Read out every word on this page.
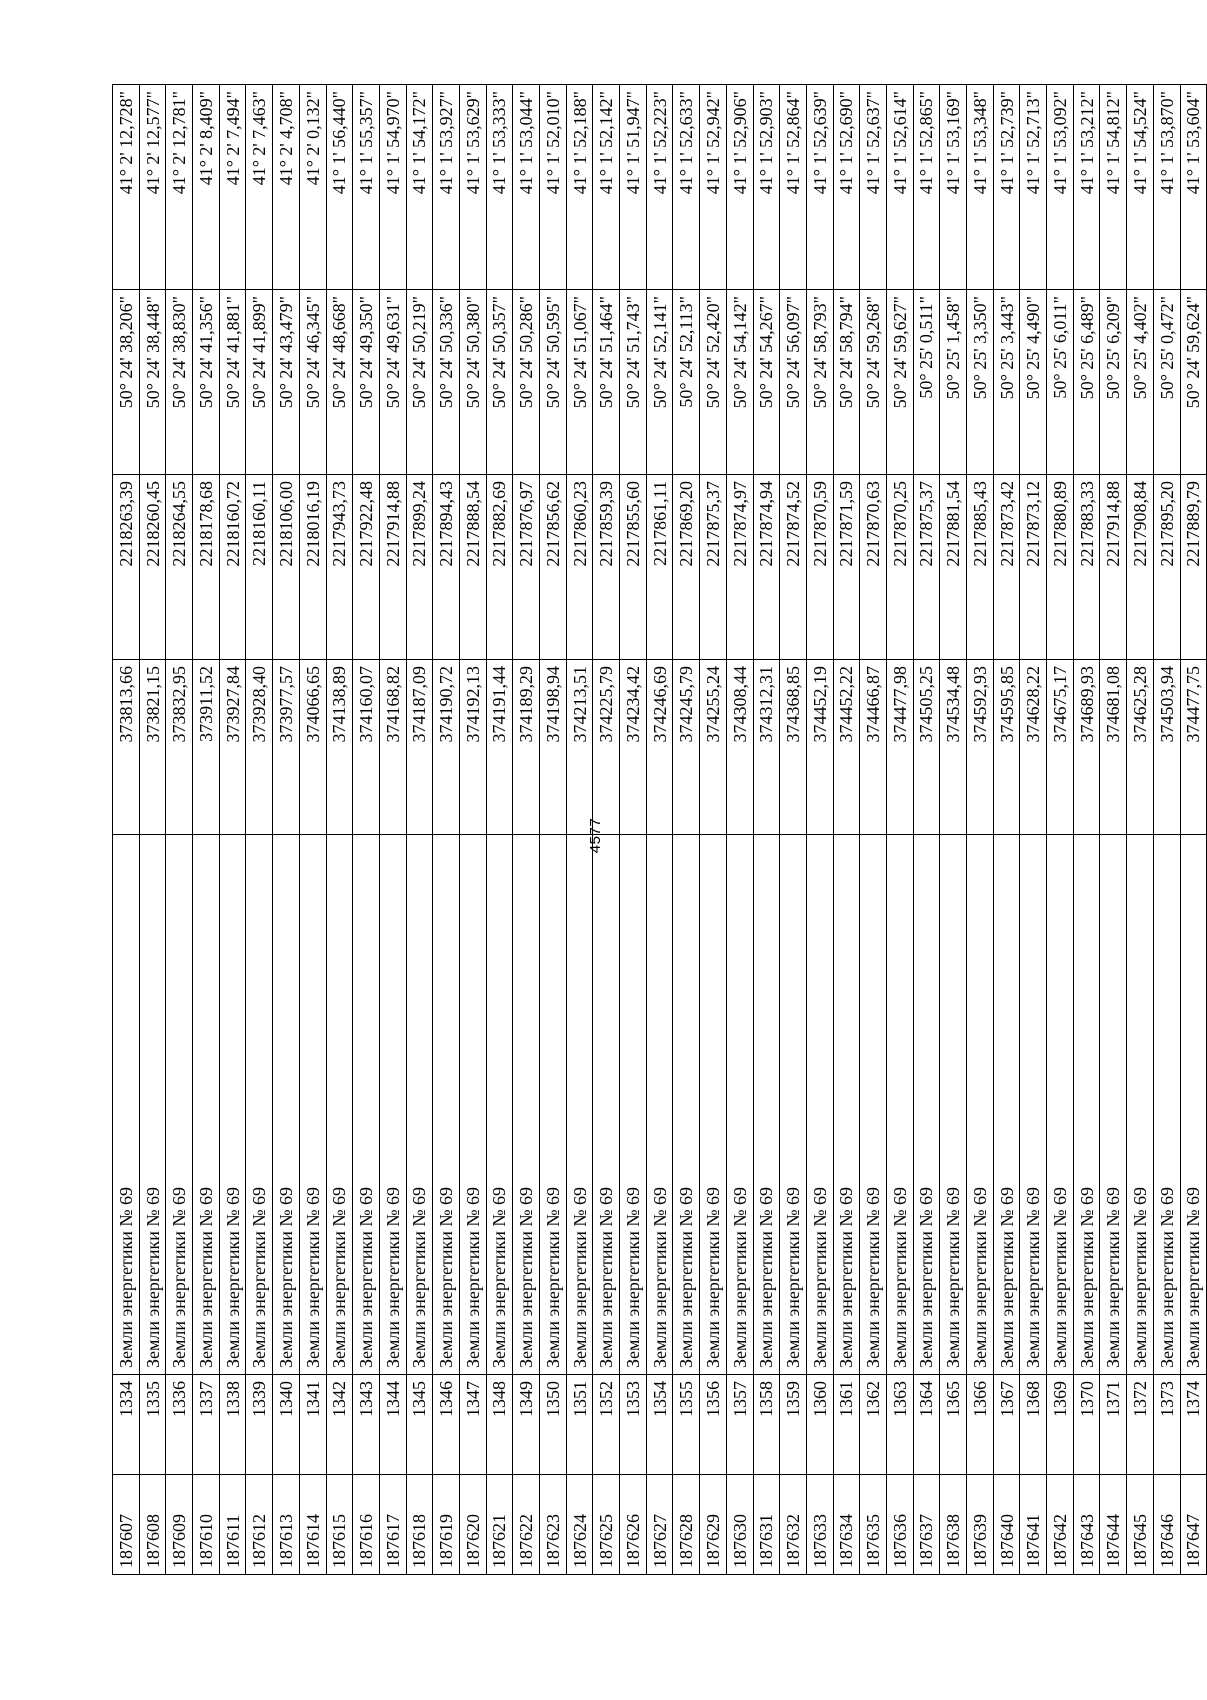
4577
187607	1334	Земли энергетики № 69	373813,66	2218263,39	50° 24' 38,206"	41° 2' 12,728"
187608	1335	Земли энергетики № 69	373821,15	2218260,45	50° 24' 38,448"	41° 2' 12,577"
187609	1336	Земли энергетики № 69	373832,95	2218264,55	50° 24' 38,830"	41° 2' 12,781"
187610	1337	Земли энергетики № 69	373911,52	2218178,68	50° 24' 41,356"	41° 2' 8,409"
187611	1338	Земли энергетики № 69	373927,84	2218160,72	50° 24' 41,881"	41° 2' 7,494"
187612	1339	Земли энергетики № 69	373928,40	2218160,11	50° 24' 41,899"	41° 2' 7,463"
187613	1340	Земли энергетики № 69	373977,57	2218106,00	50° 24' 43,479"	41° 2' 4,708"
187614	1341	Земли энергетики № 69	374066,65	2218016,19	50° 24' 46,345"	41° 2' 0,132"
187615	1342	Земли энергетики № 69	374138,89	2217943,73	50° 24' 48,668"	41° 1' 56,440"
187616	1343	Земли энергетики № 69	374160,07	2217922,48	50° 24' 49,350"	41° 1' 55,357"
187617	1344	Земли энергетики № 69	374168,82	2217914,88	50° 24' 49,631"	41° 1' 54,970"
187618	1345	Земли энергетики № 69	374187,09	2217899,24	50° 24' 50,219"	41° 1' 54,172"
187619	1346	Земли энергетики № 69	374190,72	2217894,43	50° 24' 50,336"	41° 1' 53,927"
187620	1347	Земли энергетики № 69	374192,13	2217888,54	50° 24' 50,380"	41° 1' 53,629"
187621	1348	Земли энергетики № 69	374191,44	2217882,69	50° 24' 50,357"	41° 1' 53,333"
187622	1349	Земли энергетики № 69	374189,29	2217876,97	50° 24' 50,286"	41° 1' 53,044"
187623	1350	Земли энергетики № 69	374198,94	2217856,62	50° 24' 50,595"	41° 1' 52,010"
187624	1351	Земли энергетики № 69	374213,51	2217860,23	50° 24' 51,067"	41° 1' 52,188"
187625	1352	Земли энергетики № 69	374225,79	2217859,39	50° 24' 51,464"	41° 1' 52,142"
187626	1353	Земли энергетики № 69	374234,42	2217855,60	50° 24' 51,743"	41° 1' 51,947"
187627	1354	Земли энергетики № 69	374246,69	2217861,11	50° 24' 52,141"	41° 1' 52,223"
187628	1355	Земли энергетики № 69	374245,79	2217869,20	50° 24' 52,113"	41° 1' 52,633"
187629	1356	Земли энергетики № 69	374255,24	2217875,37	50° 24' 52,420"	41° 1' 52,942"
187630	1357	Земли энергетики № 69	374308,44	2217874,97	50° 24' 54,142"	41° 1' 52,906"
187631	1358	Земли энергетики № 69	374312,31	2217874,94	50° 24' 54,267"	41° 1' 52,903"
187632	1359	Земли энергетики № 69	374368,85	2217874,52	50° 24' 56,097"	41° 1' 52,864"
187633	1360	Земли энергетики № 69	374452,19	2217870,59	50° 24' 58,793"	41° 1' 52,639"
187634	1361	Земли энергетики № 69	374452,22	2217871,59	50° 24' 58,794"	41° 1' 52,690"
187635	1362	Земли энергетики № 69	374466,87	2217870,63	50° 24' 59,268"	41° 1' 52,637"
187636	1363	Земли энергетики № 69	374477,98	2217870,25	50° 24' 59,627"	41° 1' 52,614"
187637	1364	Земли энергетики № 69	374505,25	2217875,37	50° 25' 0,511"	41° 1' 52,865"
187638	1365	Земли энергетики № 69	374534,48	2217881,54	50° 25' 1,458"	41° 1' 53,169"
187639	1366	Земли энергетики № 69	374592,93	2217885,43	50° 25' 3,350"	41° 1' 53,348"
187640	1367	Земли энергетики № 69	374595,85	2217873,42	50° 25' 3,443"	41° 1' 52,739"
187641	1368	Земли энергетики № 69	374628,22	2217873,12	50° 25' 4,490"	41° 1' 52,713"
187642	1369	Земли энергетики № 69	374675,17	2217880,89	50° 25' 6,011"	41° 1' 53,092"
187643	1370	Земли энергетики № 69	374689,93	2217883,33	50° 25' 6,489"	41° 1' 53,212"
187644	1371	Земли энергетики № 69	374681,08	2217914,88	50° 25' 6,209"	41° 1' 54,812"
187645	1372	Земли энергетики № 69	374625,28	2217908,84	50° 25' 4,402"	41° 1' 54,524"
187646	1373	Земли энергетики № 69	374503,94	2217895,20	50° 25' 0,472"	41° 1' 53,870"
187647	1374	Земли энергетики № 69	374477,75	2217889,79	50° 24' 59,624"	41° 1' 53,604"
